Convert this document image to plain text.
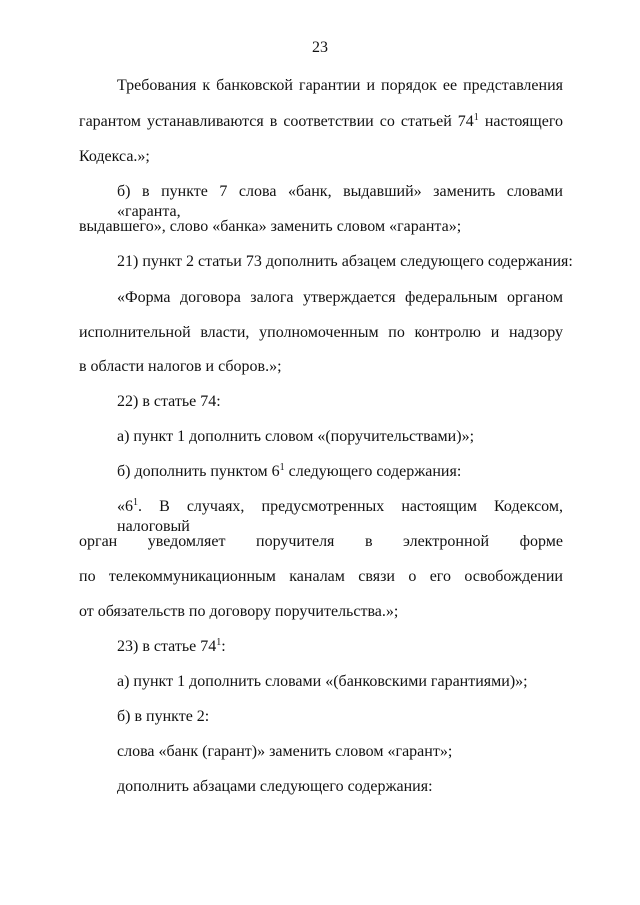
23
Требования к банковской гарантии и порядок ее представления
гарантом устанавливаются в соответствии со статьей $74^1$ настоящего
Кодекса.»;
б) в пункте 7 слова «банк, выдавший» заменить словами «гаранта,
выдавшего», слово «банка» заменить словом «гаранта»;
21) пункт 2 статьи 73 дополнить абзацем следующего содержания:
«Форма договора залога утверждается федеральным органом
исполнительной власти, уполномоченным по контролю и надзору
в области налогов и сборов.»;
22) в статье 74:
а) пункт 1 дополнить словом «(поручительствами)»;
б) дополнить пунктом $6^1$ следующего содержания:
«$6^1$. В случаях, предусмотренных настоящим Кодексом, налоговый
орган уведомляет поручителя в электронной форме
по телекоммуникационным каналам связи о его освобождении
от обязательств по договору поручительства.»;
23) в статье $74^1$:
а) пункт 1 дополнить словами «(банковскими гарантиями)»;
б) в пункте 2:
слова «банк (гарант)» заменить словом «гарант»;
дополнить абзацами следующего содержания:
